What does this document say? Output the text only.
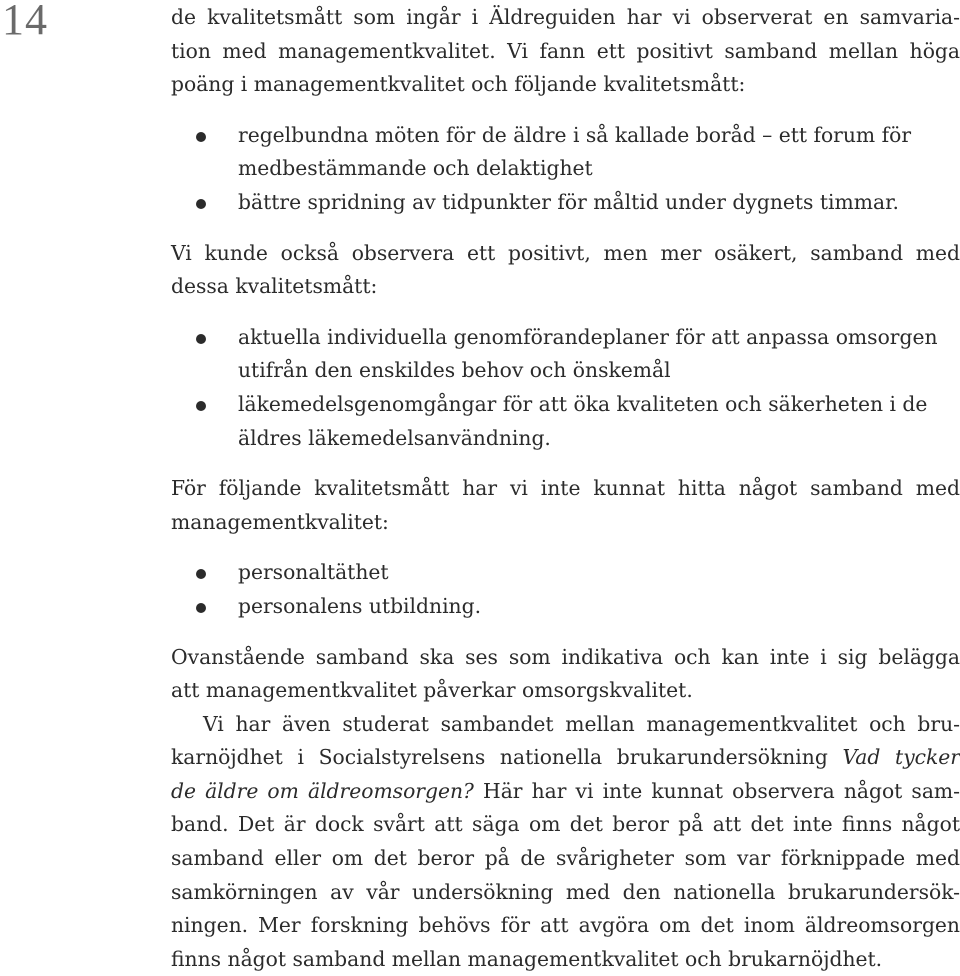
14	de kvalitetsmått som ingår i Äldreguiden har vi observerat en samvaria-
tion med managementkvalitet. Vi fann ett positivt samband mellan höga
poäng i managementkvalitet och följande kvalitetsmått:

regelbundna möten för de äldre i så kallade boråd – ett forum för
medbestämmande och delaktighet
bättre spridning av tidpunkter för måltid under dygnets timmar.

Vi kunde också observera ett positivt, men mer osäkert, samband med
dessa kvalitetsmått:

aktuella individuella genomförandeplaner för att anpassa omsorgen
utifrån den enskildes behov och önskemål
läkemedelsgenomgångar för att öka kvaliteten och säkerheten i de
äldres läkemedelsanvändning.

För följande kvalitetsmått har vi inte kunnat hitta något samband med
managementkvalitet:

personaltäthet
personalens utbildning.

Ovanstående samband ska ses som indikativa och kan inte i sig belägga
att managementkvalitet påverkar omsorgskvalitet.

Vi har även studerat sambandet mellan managementkvalitet och bru-
karnöjdhet i Socialstyrelsens nationella brukarundersökning Vad tycker
de äldre om äldreomsorgen? Här har vi inte kunnat observera något sam-
band. Det är dock svårt att säga om det beror på att det inte finns något
samband eller om det beror på de svårigheter som var förknippade med
samkörningen av vår undersökning med den nationella brukarundersök-
ningen. Mer forskning behövs för att avgöra om det inom äldreomsorgen
finns något samband mellan managementkvalitet och brukarnöjdhet.
